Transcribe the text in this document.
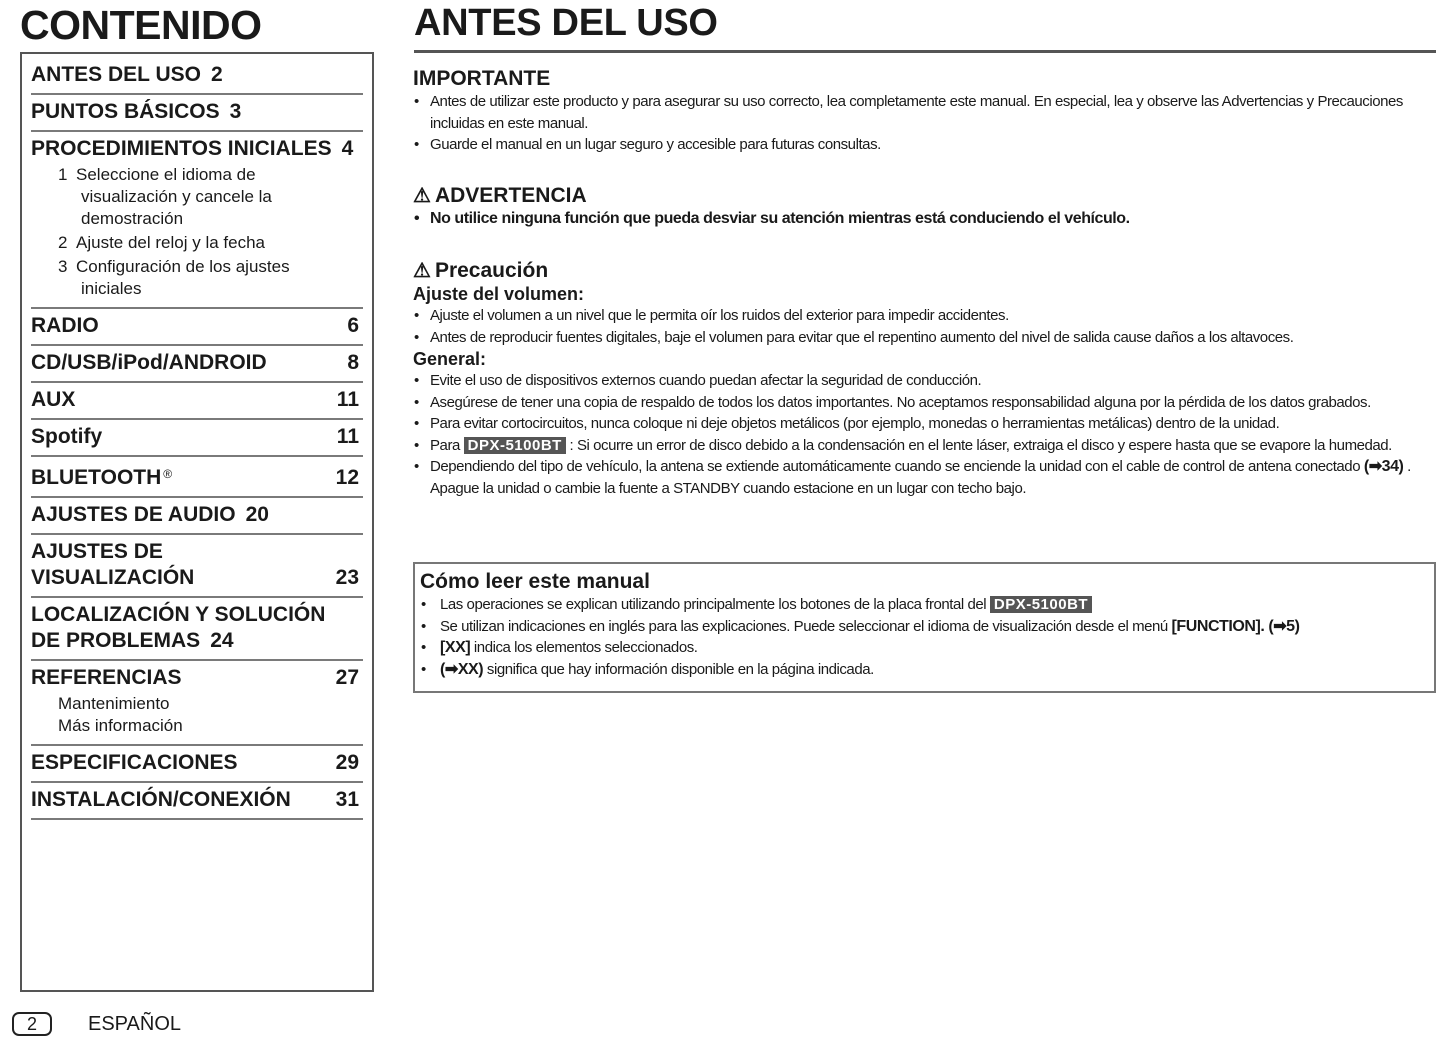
CONTENIDO
ANTES DEL USO 2
PUNTOS BÁSICOS 3
PROCEDIMIENTOS INICIALES 4
1 Seleccione el idioma de
visualización y cancele la
demostración
2 Ajuste del reloj y la fecha
3 Configuración de los ajustes
iniciales
RADIO	6
CD/USB/iPod/ANDROID	8
AUX	11
Spotify	11
BLUETOOTH ®	12
AJUSTES DE AUDIO 20
AJUSTES DE
VISUALIZACIÓN	23
LOCALIZACIÓN Y SOLUCIÓN
DE PROBLEMAS 24
REFERENCIAS	27
Mantenimiento
Más información
ESPECIFICACIONES	29
INSTALACIÓN/CONEXIÓN 31
2	ESPAÑOL
ANTES DEL USO
IMPORTANTE
• Antes de utilizar este producto y para asegurar su uso correcto, lea completamente este manual. En especial, lea y observe las Advertencias y Precauciones incluidas en este manual.
• Guarde el manual en un lugar seguro y accesible para futuras consultas.
⚠ ADVERTENCIA
• No utilice ninguna función que pueda desviar su atención mientras está conduciendo el vehículo.
⚠ Precaución
Ajuste del volumen:
• Ajuste el volumen a un nivel que le permita oír los ruidos del exterior para impedir accidentes.
• Antes de reproducir fuentes digitales, baje el volumen para evitar que el repentino aumento del nivel de salida cause daños a los altavoces.
General:
• Evite el uso de dispositivos externos cuando puedan afectar la seguridad de conducción.
• Asegúrese de tener una copia de respaldo de todos los datos importantes. No aceptamos responsabilidad alguna por la pérdida de los datos grabados.
• Para evitar cortocircuitos, nunca coloque ni deje objetos metálicos (por ejemplo, monedas o herramientas metálicas) dentro de la unidad.
• Para DPX-5100BT : Si ocurre un error de disco debido a la condensación en el lente láser, extraiga el disco y espere hasta que se evapore la humedad.
• Dependiendo del tipo de vehículo, la antena se extiende automáticamente cuando se enciende la unidad con el cable de control de antena conectado (➡34) . Apague la unidad o cambie la fuente a STANDBY cuando estacione en un lugar con techo bajo.
Cómo leer este manual
• Las operaciones se explican utilizando principalmente los botones de la placa frontal del DPX-5100BT
• Se utilizan indicaciones en inglés para las explicaciones. Puede seleccionar el idioma de visualización desde el menú [FUNCTION]. (➡5)
• [XX] indica los elementos seleccionados.
• (➡XX) significa que hay información disponible en la página indicada.
